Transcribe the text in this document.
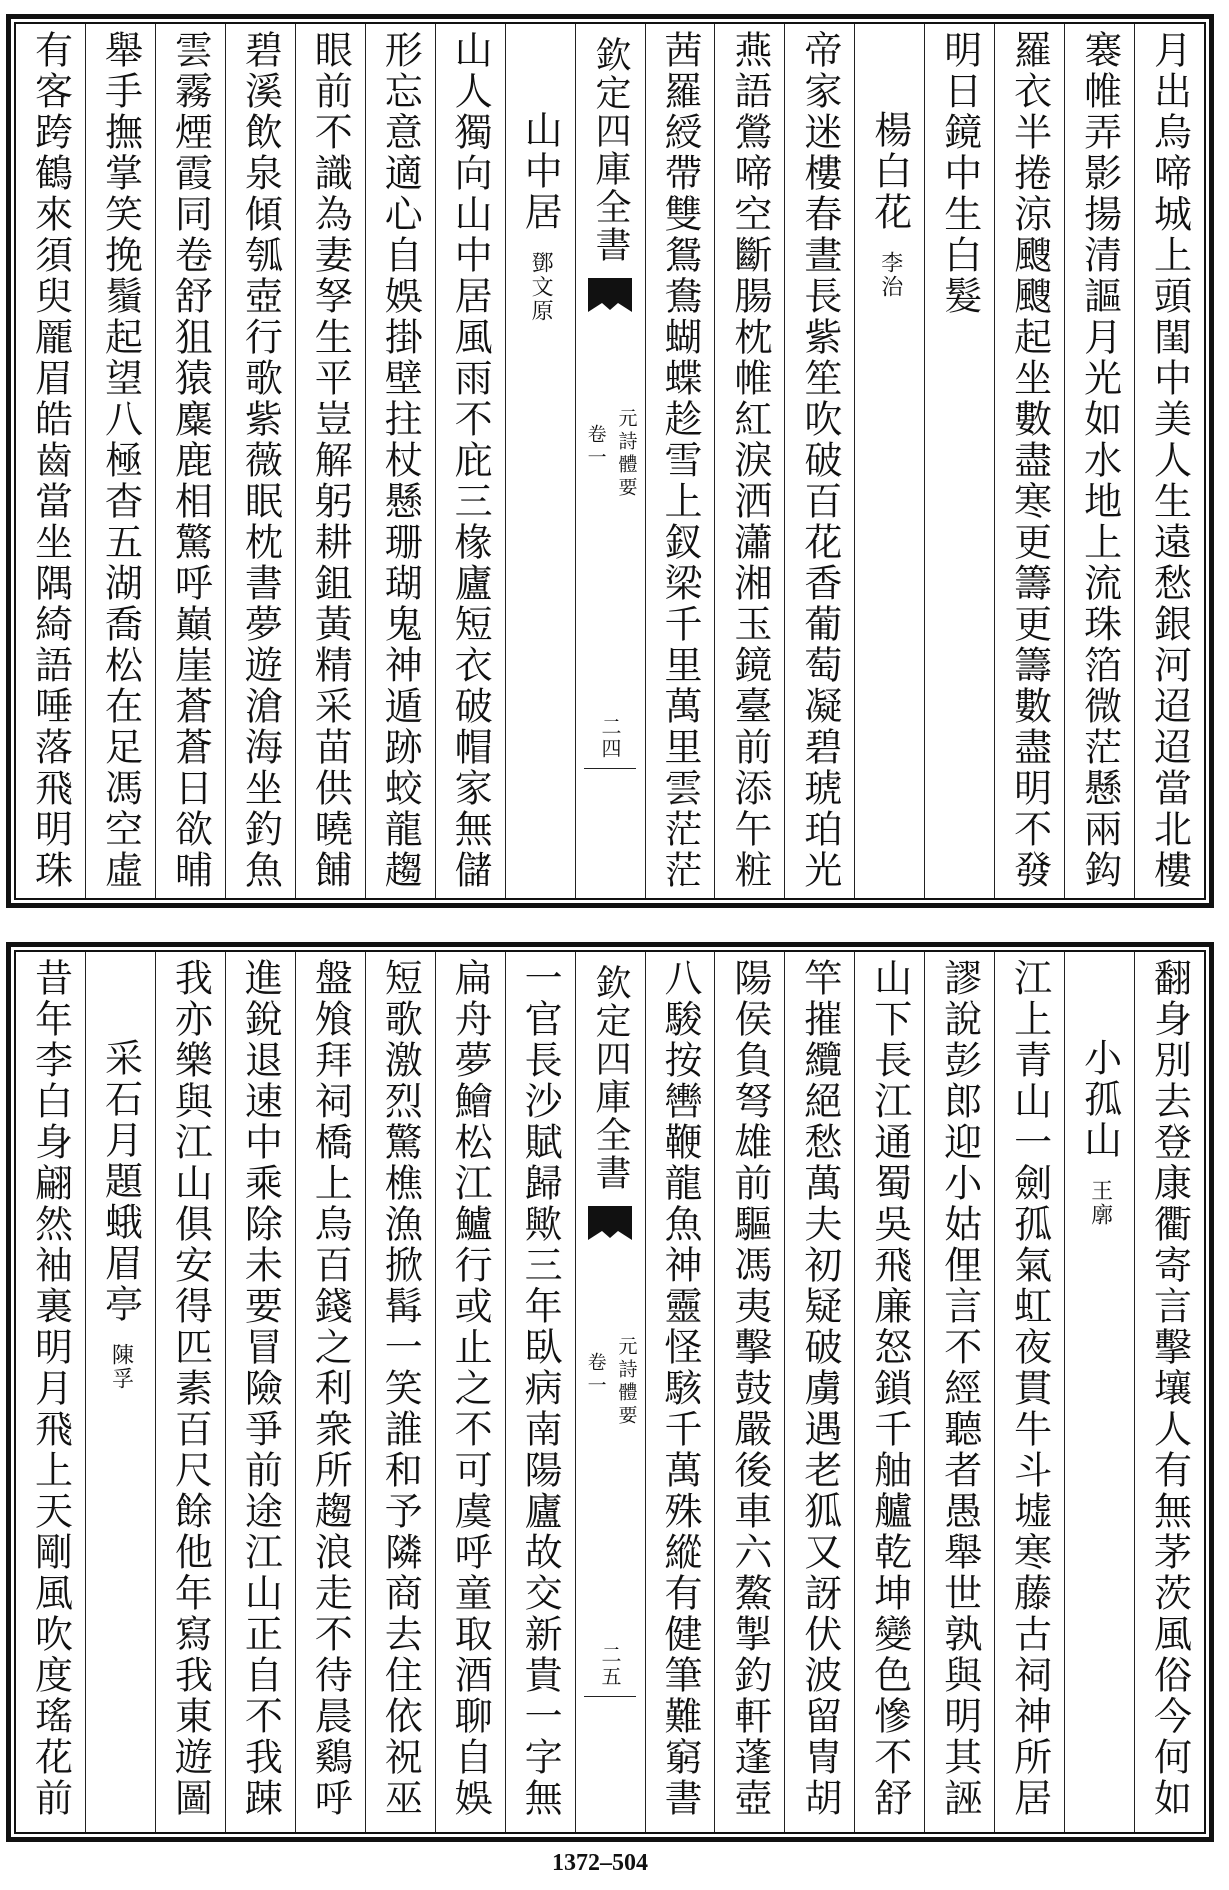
月出烏啼城上頭閨中美人生遠愁銀河迢迢當北樓
褰帷弄影揚清謳月光如水地上流珠箔微茫懸兩鈎
羅衣半捲涼颼颼起坐數盡寒更籌更籌數盡明不發
明日鏡中生白髮
楊白花李治
帝家迷樓春晝長紫笙吹破百花香葡萄凝碧琥珀光
燕語鶯啼空斷腸枕帷紅淚洒瀟湘玉鏡臺前添午粧
茜羅綬帶雙鴛鴦蝴蝶趁雪上釵梁千里萬里雲茫茫
欽定四庫全書
元詩體要
卷一
二四
山中居鄧文原
山人獨向山中居風雨不庇三椽廬短衣破帽家無儲
形忘意適心自娛掛壁拄杖懸珊瑚鬼神遁跡蛟龍趨
眼前不識為妻孥生平豈解躬耕鉏黃精采苗供曉餔
碧溪飲泉傾瓠壺行歌紫薇眠枕書夢遊滄海坐釣魚
雲霧煙霞同卷舒狙猿麋鹿相驚呼巔崖蒼蒼日欲晡
舉手撫掌笑挽鬚起望八極杳五湖喬松在足馮空虛
有客跨鶴來須臾龎眉皓齒當坐隅綺語唾落飛明珠
翻身別去登康衢寄言擊壤人有無茅茨風俗今何如
小孤山王廓
江上青山一劍孤氣虹夜貫牛斗墟寒藤古祠神所居
謬說彭郎迎小姑俚言不經聽者愚舉世孰與明其誣
山下長江通蜀吳飛廉怒鎖千舳艫乾坤變色慘不舒
竿摧纜絕愁萬夫初疑破虜遇老狐又訝伏波留冑胡
陽侯負弩雄前驅馮夷擊鼓嚴後車六鰲掣釣軒蓬壺
八駿按轡鞭龍魚神靈怪駭千萬殊縱有健筆難窮書
欽定四庫全書
元詩體要
卷一
二五
一官長沙賦歸歟三年臥病南陽廬故交新貴一字無
扁舟夢鱠松江鱸行或止之不可虞呼童取酒聊自娛
短歌激烈驚樵漁掀髯一笑誰和予隣商去住依祝巫
盤飧拜祠橋上烏百錢之利衆所趨浪走不待晨鷄呼
進銳退速中乘除未要冒險爭前途江山正自不我踈
我亦樂與江山俱安得匹素百尺餘他年寫我東遊圖
采石月題蛾眉亭陳孚
昔年李白身翩然袖裏明月飛上天剛風吹度瑤花前
1372–504
